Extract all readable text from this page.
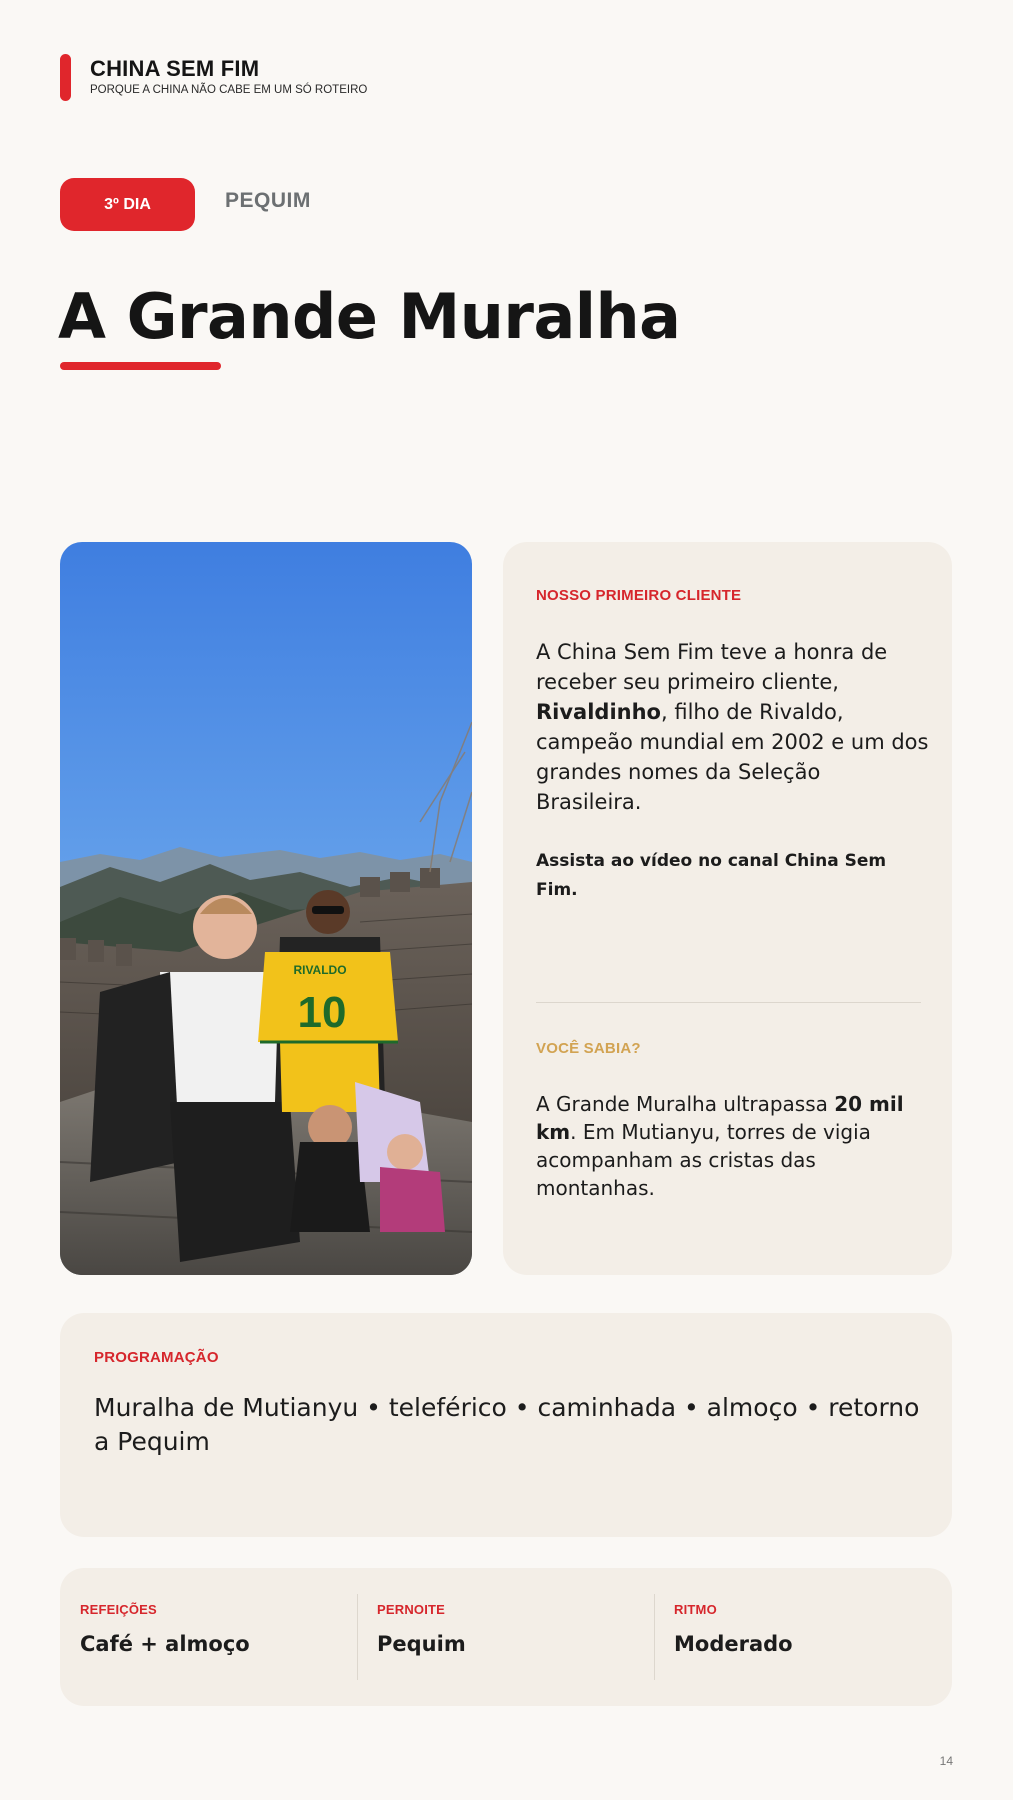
CHINA SEM FIM
PORQUE A CHINA NÃO CABE EM UM SÓ ROTEIRO
3º DIA	PEQUIM
A Grande Muralha
RIVALDO
10
NOSSO PRIMEIRO CLIENTE

A China Sem Fim teve a honra de receber seu primeiro cliente, Rivaldinho, filho de Rivaldo, campeão mundial em 2002 e um dos grandes nomes da Seleção Brasileira.

Assista ao vídeo no canal China Sem Fim.

VOCÊ SABIA?

A Grande Muralha ultrapassa 20 mil km. Em Mutianyu, torres de vigia acompanham as cristas das montanhas.

PROGRAMAÇÃO

Muralha de Mutianyu • teleférico • caminhada • almoço • retorno a Pequim

REFEIÇÕES
Café + almoço
PERNOITE
Pequim
RITMO
Moderado
14
